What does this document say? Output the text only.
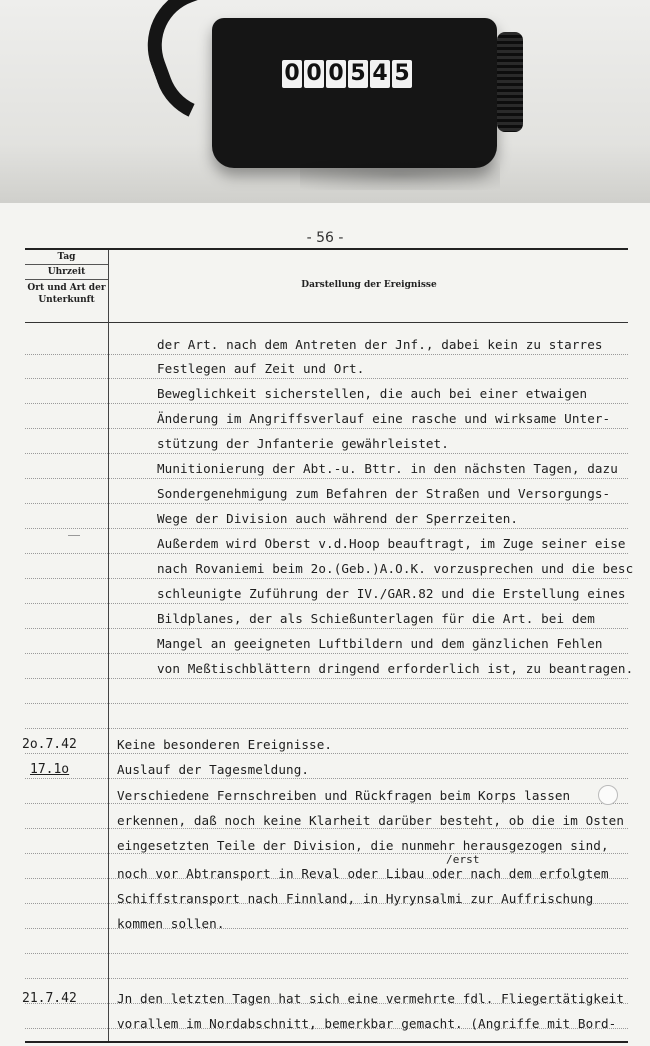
0 0 0 5 4 5
- 56 -
Tag
Uhrzeit
Ort und Art der Unterkunft
Darstellung der Ereignisse
der Art. nach dem Antreten der Jnf., dabei kein zu starres
Festlegen auf Zeit und Ort.
Beweglichkeit sicherstellen, die auch bei einer etwaigen
Änderung im Angriffsverlauf eine rasche und wirksame Unter-
stützung der Jnfanterie gewährleistet.
Munitionierung der Abt.-u. Bttr. in den nächsten Tagen, dazu
Sondergenehmigung zum Befahren der Straßen und Versorgungs-
Wege der Division auch während der Sperrzeiten.
Außerdem wird Oberst v.d.Hoop beauftragt, im Zuge seiner eise
nach Rovaniemi beim 2o.(Geb.)A.O.K. vorzusprechen und die besc
schleunigte Zuführung der IV./GAR.82 und die Erstellung eines
Bildplanes, der als Schießunterlagen für die Art. bei dem
Mangel an geeigneten Luftbildern und dem gänzlichen Fehlen
von Meßtischblättern dringend erforderlich ist, zu beantragen.
2o.7.42	Keine besonderen Ereignisse.
17.1o	Auslauf der Tagesmeldung.
Verschiedene Fernschreiben und Rückfragen beim Korps lassen
erkennen, daß noch keine Klarheit darüber besteht, ob die im Osten
eingesetzten Teile der Division, die nunmehr herausgezogen sind,
/erst
noch vor Abtransport in Reval oder Libau oder nach dem erfolgtem
Schiffstransport nach Finnland, in Hyrynsalmi zur Auffrischung
kommen sollen.
21.7.42	Jn den letzten Tagen hat sich eine vermehrte fdl. Fliegertätigkeit
vorallem im Nordabschnitt, bemerkbar gemacht. (Angriffe mit Bord-
